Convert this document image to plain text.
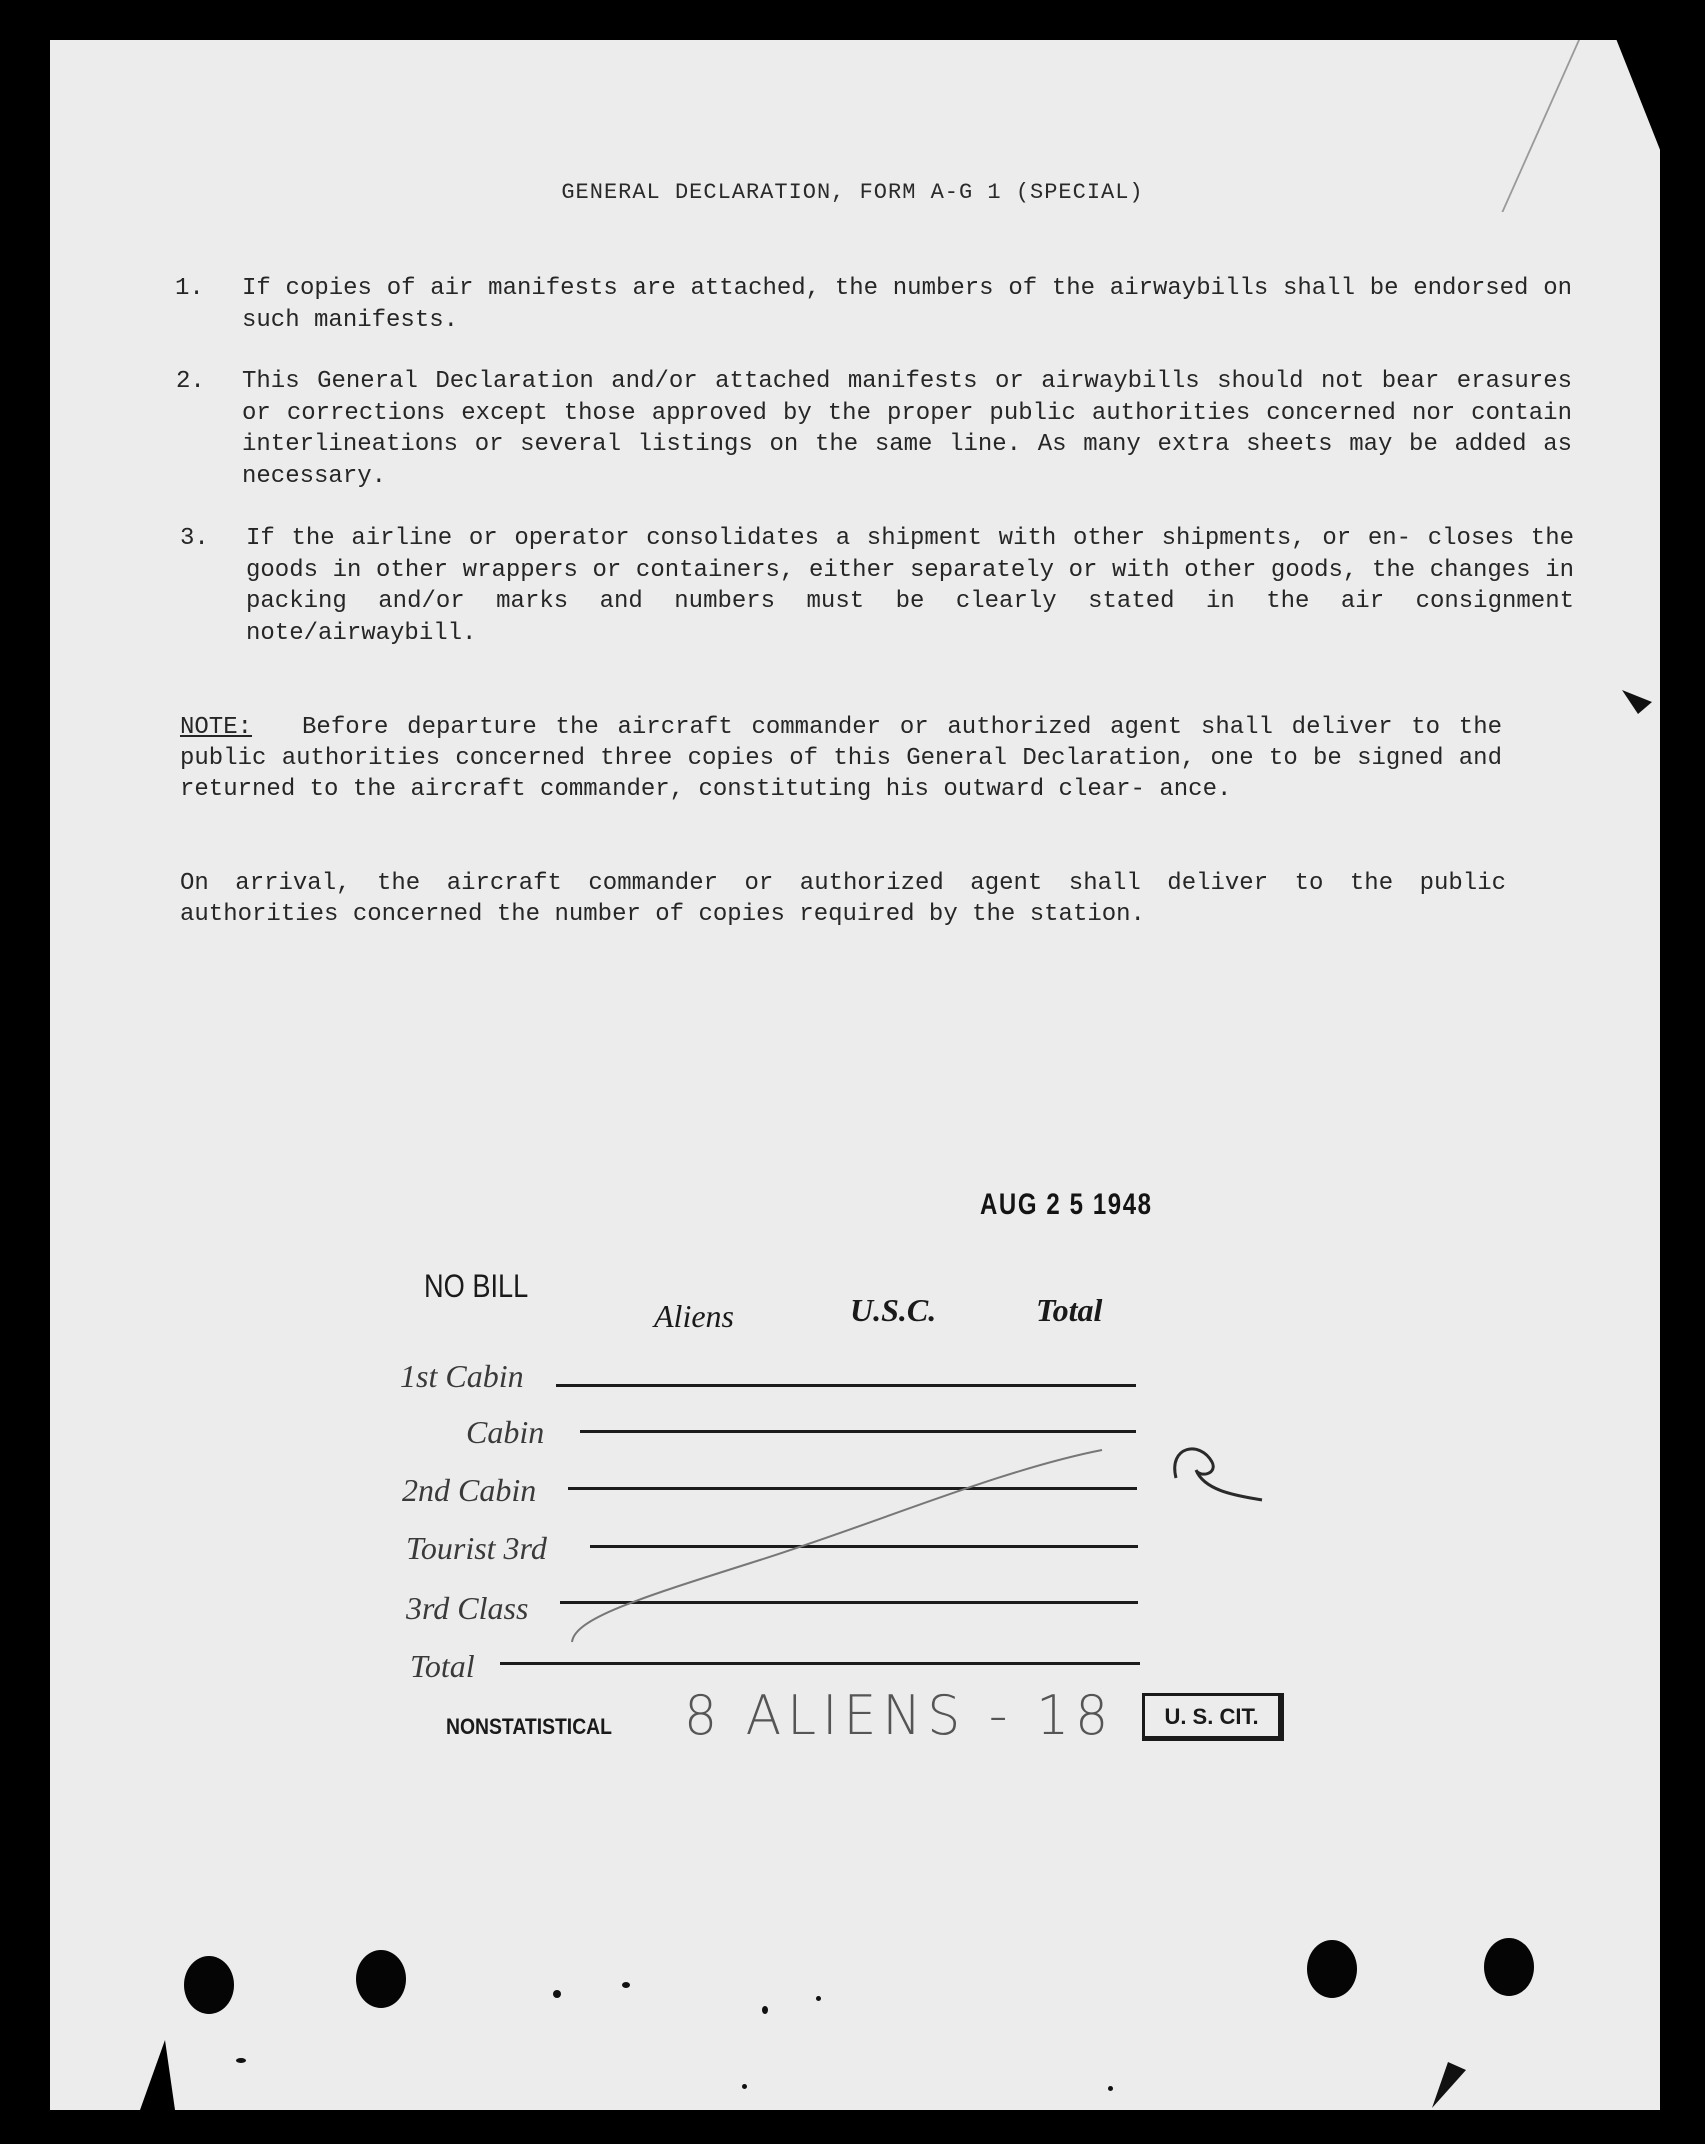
GENERAL DECLARATION, FORM A-G 1 (SPECIAL)
1.	If copies of air manifests are attached, the numbers of the airwaybills shall be endorsed on such manifests.
2.	This General Declaration and/or attached manifests or airwaybills should not bear erasures or corrections except those approved by the proper public authorities concerned nor contain interlineations or several listings on the same line. As many extra sheets may be added as necessary.
3.	If the airline or operator consolidates a shipment with other shipments, or en- closes the goods in other wrappers or containers, either separately or with other goods, the changes in packing and/or marks and numbers must be clearly stated in the air consignment note/airwaybill.
NOTE: Before departure the aircraft commander or authorized agent shall deliver to the public authorities concerned three copies of this General Declaration, one to be signed and returned to the aircraft commander, constituting his outward clear- ance.
On arrival, the aircraft commander or authorized agent shall deliver to the public authorities concerned the number of copies required by the station.
AUG 2 5 1948
NO BILL
Aliens	U.S.C.	Total
1st Cabin
Cabin
2nd Cabin
Tourist 3rd
3rd Class
Total
NONSTATISTICAL 8 ALIENS - 18	U. S. CIT.
